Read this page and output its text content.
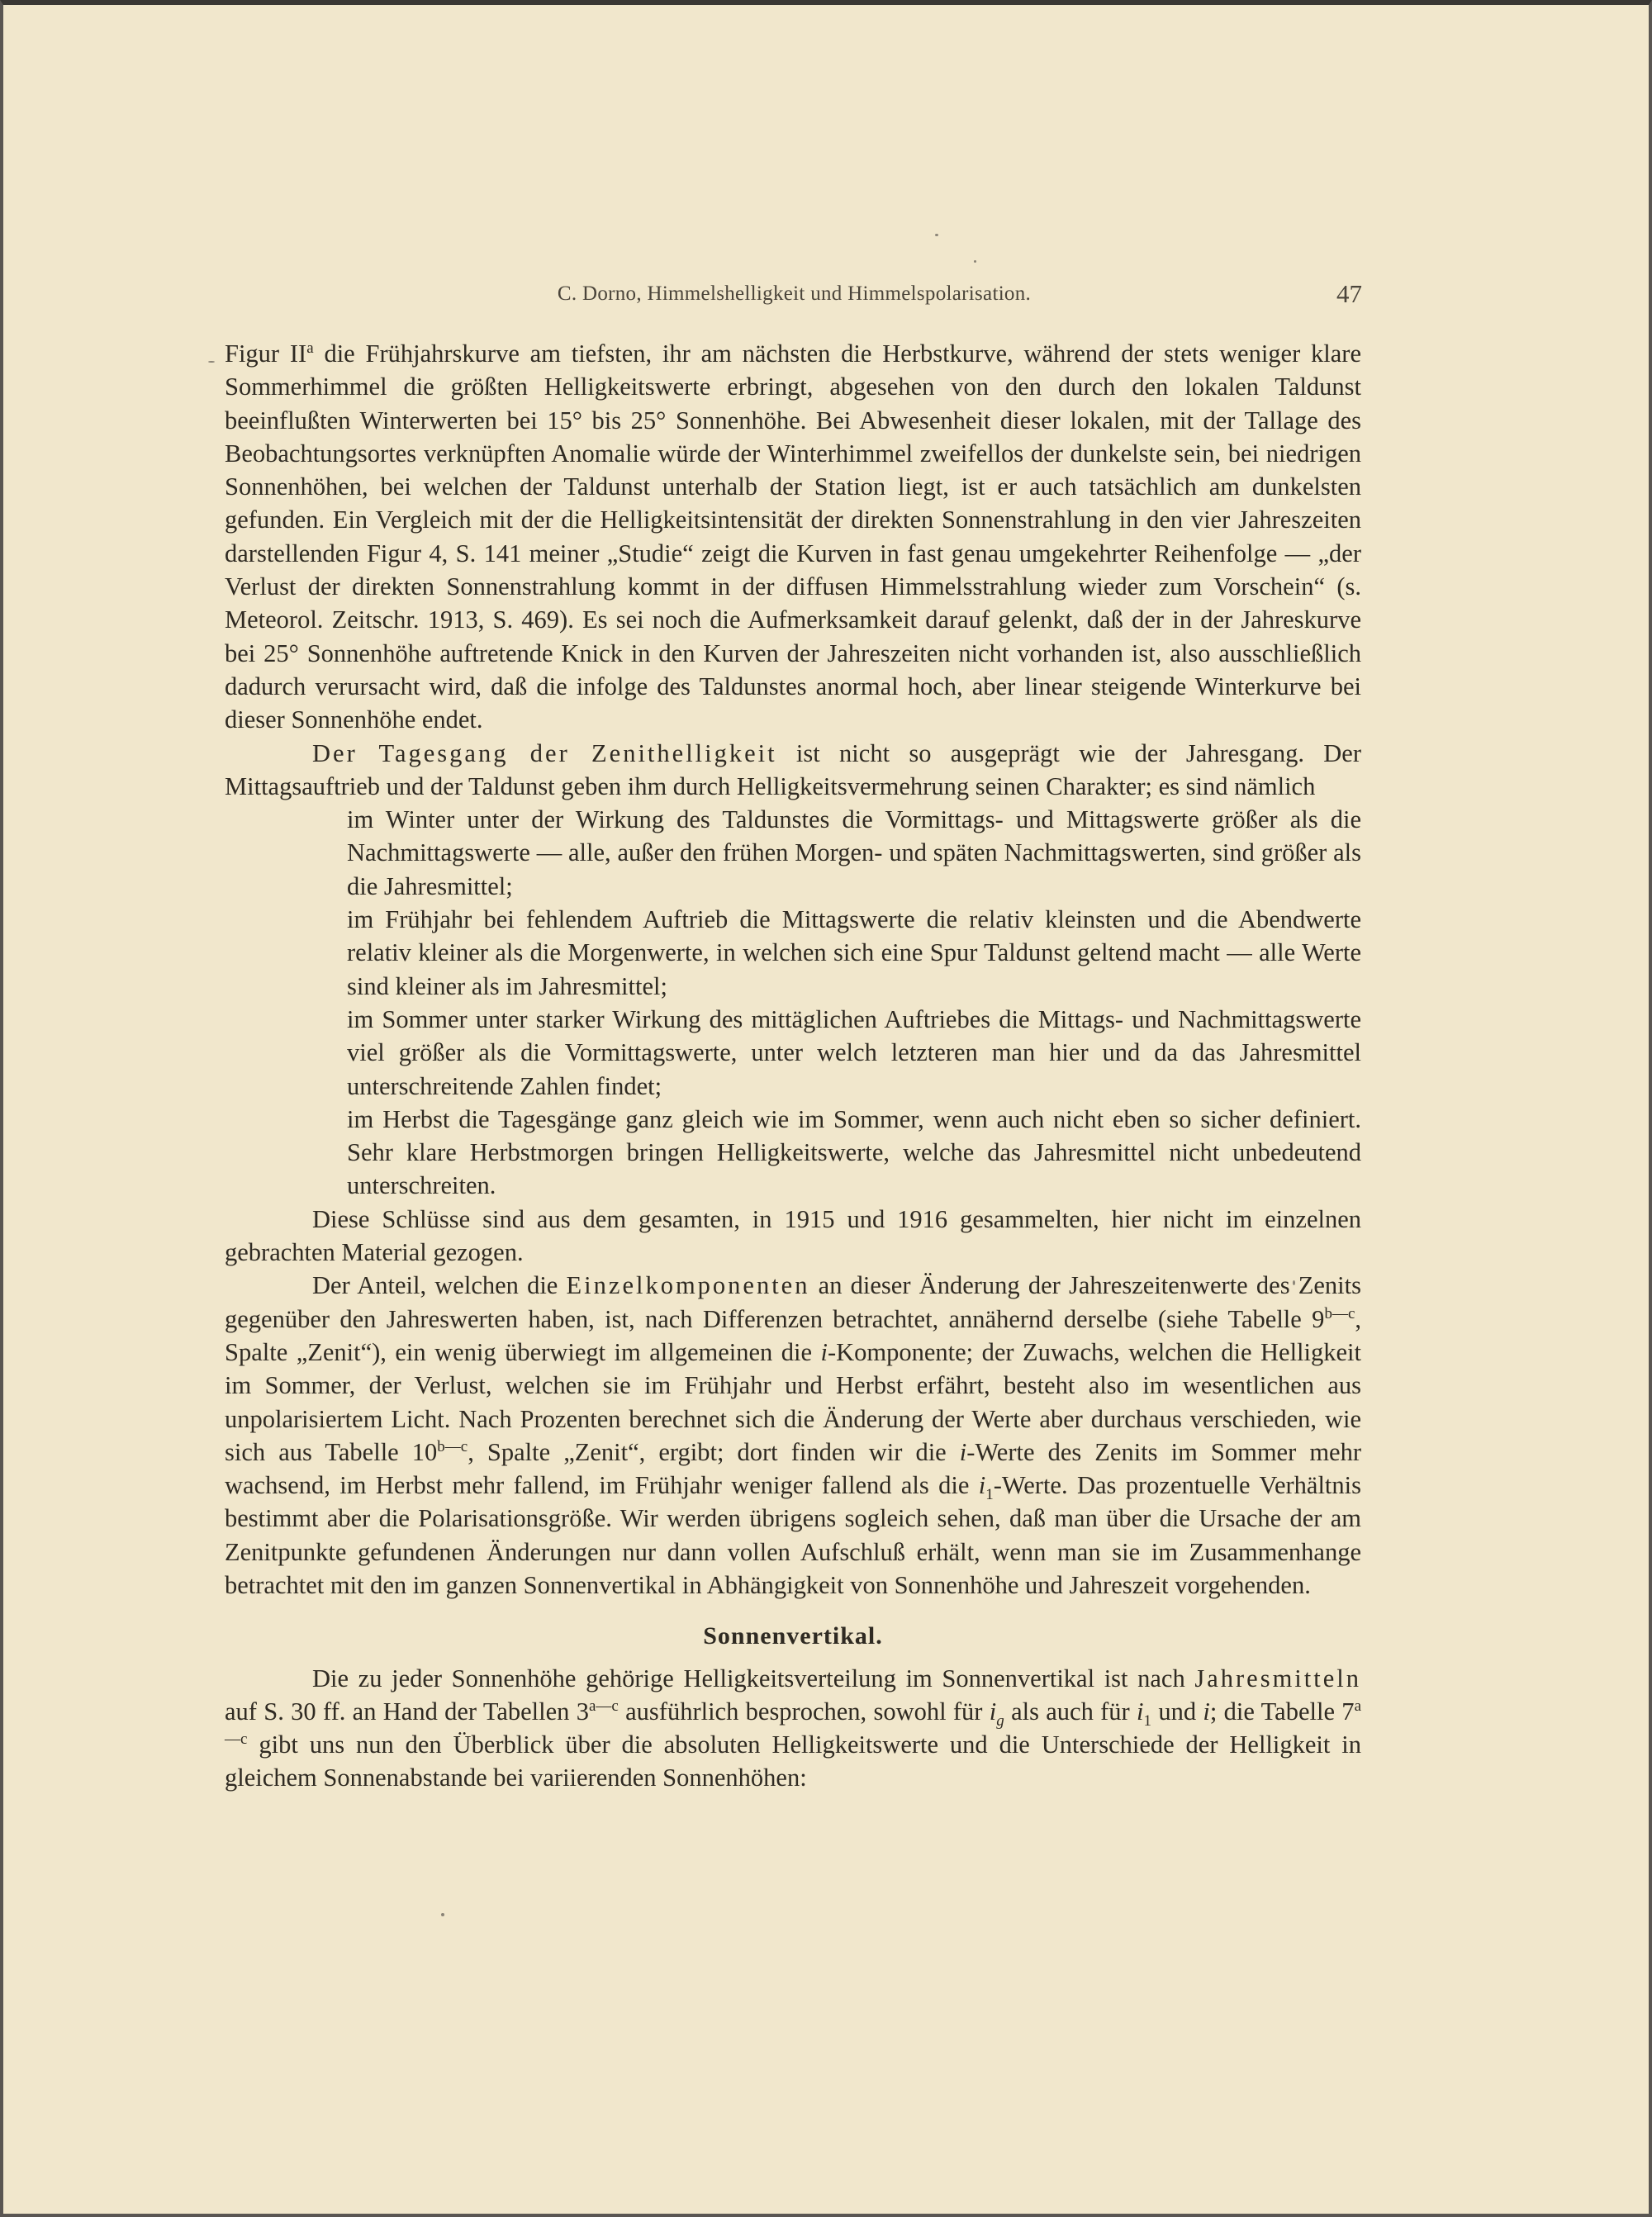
C. Dorno, Himmelshelligkeit und Himmelspolarisation.	47

Figur $II^a$ die Frühjahrskurve am tiefsten, ihr am nächsten die Herbstkurve, während der stets weniger klare Sommerhimmel die größten Helligkeitswerte erbringt, abgesehen von den durch den lokalen Taldunst beeinflußten Winterwerten bei 15° bis 25° Sonnenhöhe. Bei Abwesenheit dieser lokalen, mit der Tallage des Beobachtungsortes verknüpften Anomalie würde der Winterhimmel zweifellos der dunkelste sein, bei niedrigen Sonnenhöhen, bei welchen der Taldunst unterhalb der Station liegt, ist er auch tatsächlich am dunkelsten gefunden. Ein Vergleich mit der die Helligkeitsintensität der direkten Sonnenstrahlung in den vier Jahreszeiten darstellenden Figur 4, S. 141 meiner „Studie“ zeigt die Kurven in fast genau umgekehrter Reihenfolge — „der Verlust der direkten Sonnenstrahlung kommt in der diffusen Himmelsstrahlung wieder zum Vorschein“ (s. Meteorol. Zeitschr. 1913, S. 469). Es sei noch die Aufmerksamkeit darauf gelenkt, daß der in der Jahreskurve bei 25° Sonnenhöhe auftretende Knick in den Kurven der Jahreszeiten nicht vorhanden ist, also ausschließlich dadurch verursacht wird, daß die infolge des Taldunstes anormal hoch, aber linear steigende Winterkurve bei dieser Sonnenhöhe endet.

Der Tagesgang der Zenithelligkeit ist nicht so ausgeprägt wie der Jahresgang. Der Mittagsauftrieb und der Taldunst geben ihm durch Helligkeitsvermehrung seinen Charakter; es sind nämlich

im Winter unter der Wirkung des Taldunstes die Vormittags- und Mittagswerte größer als die Nachmittagswerte — alle, außer den frühen Morgen- und späten Nachmittagswerten, sind größer als die Jahresmittel;
im Frühjahr bei fehlendem Auftrieb die Mittagswerte die relativ kleinsten und die Abendwerte relativ kleiner als die Morgenwerte, in welchen sich eine Spur Taldunst geltend macht — alle Werte sind kleiner als im Jahresmittel;
im Sommer unter starker Wirkung des mittäglichen Auftriebes die Mittags- und Nachmittagswerte viel größer als die Vormittagswerte, unter welch letzteren man hier und da das Jahresmittel unterschreitende Zahlen findet;
im Herbst die Tagesgänge ganz gleich wie im Sommer, wenn auch nicht eben so sicher definiert. Sehr klare Herbstmorgen bringen Helligkeitswerte, welche das Jahresmittel nicht unbedeutend unterschreiten.

Diese Schlüsse sind aus dem gesamten, in 1915 und 1916 gesammelten, hier nicht im einzelnen gebrachten Material gezogen.

Der Anteil, welchen die Einzelkomponenten an dieser Änderung der Jahreszeitenwerte des Zenits gegenüber den Jahreswerten haben, ist, nach Differenzen betrachtet, annähernd derselbe (siehe Tabelle $9^{b—c}$, Spalte „Zenit“), ein wenig überwiegt im allgemeinen die i-Komponente; der Zuwachs, welchen die Helligkeit im Sommer, der Verlust, welchen sie im Frühjahr und Herbst erfährt, besteht also im wesentlichen aus unpolarisiertem Licht. Nach Prozenten berechnet sich die Änderung der Werte aber durchaus verschieden, wie sich aus Tabelle $10^{b—c}$, Spalte „Zenit“, ergibt; dort finden wir die i-Werte des Zenits im Sommer mehr wachsend, im Herbst mehr fallend, im Frühjahr weniger fallend als die $i_1$-Werte. Das prozentuelle Verhältnis bestimmt aber die Polarisationsgröße. Wir werden übrigens sogleich sehen, daß man über die Ursache der am Zenitpunkte gefundenen Änderungen nur dann vollen Aufschluß erhält, wenn man sie im Zusammenhange betrachtet mit den im ganzen Sonnenvertikal in Abhängigkeit von Sonnenhöhe und Jahreszeit vorgehenden.

Sonnenvertikal.

Die zu jeder Sonnenhöhe gehörige Helligkeitsverteilung im Sonnenvertikal ist nach Jahresmitteln auf S. 30 ff. an Hand der Tabellen $3^{a—c}$ ausführlich besprochen, sowohl für $i_g$ als auch für $i_1$ und i; die Tabelle $7^{a—c}$ gibt uns nun den Überblick über die absoluten Helligkeitswerte und die Unterschiede der Helligkeit in gleichem Sonnenabstande bei variierenden Sonnenhöhen:
